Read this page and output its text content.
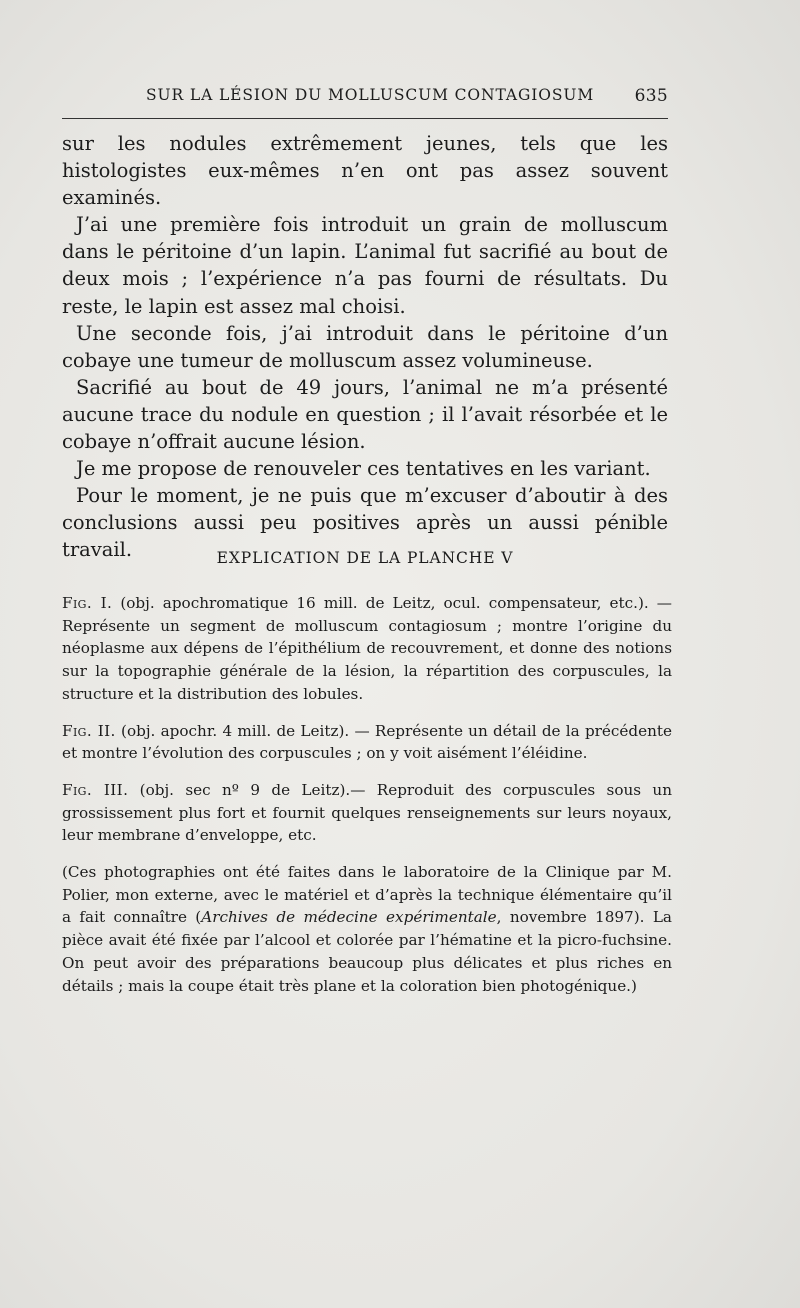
SUR LA LÉSION DU MOLLUSCUM CONTAGIOSUM 635

sur les nodules extrêmement jeunes, tels que les histologistes eux-mêmes n’en ont pas assez souvent examinés.

J’ai une première fois introduit un grain de molluscum dans le péritoine d’un lapin. L’animal fut sacrifié au bout de deux mois ; l’expérience n’a pas fourni de résultats. Du reste, le lapin est assez mal choisi.

Une seconde fois, j’ai introduit dans le péritoine d’un cobaye une tumeur de molluscum assez volumineuse.

Sacrifié au bout de 49 jours, l’animal ne m’a présenté aucune trace du nodule en question ; il l’avait résorbée et le cobaye n’offrait aucune lésion.

Je me propose de renouveler ces tentatives en les variant.

Pour le moment, je ne puis que m’excuser d’aboutir à des conclusions aussi peu positives après un aussi pénible travail.	EXPLICATION DE LA PLANCHE V

Fig. I. (obj. apochromatique 16 mill. de Leitz, ocul. compensateur, etc.). — Représente un segment de molluscum contagiosum ; montre l’origine du néoplasme aux dépens de l’épithélium de recouvrement, et donne des notions sur la topographie générale de la lésion, la répartition des corpuscules, la structure et la distribution des lobules.

Fig. II. (obj. apochr. 4 mill. de Leitz). — Représente un détail de la précédente et montre l’évolution des corpuscules ; on y voit aisément l’éléidine.

Fig. III. (obj. sec nº 9 de Leitz).— Reproduit des corpuscules sous un grossissement plus fort et fournit quelques renseignements sur leurs noyaux, leur membrane d’enveloppe, etc.

(Ces photographies ont été faites dans le laboratoire de la Clinique par M. Polier, mon externe, avec le matériel et d’après la technique élémentaire qu’il a fait connaître (Archives de médecine expérimentale, novembre 1897). La pièce avait été fixée par l’alcool et colorée par l’hématine et la picro-fuchsine. On peut avoir des préparations beaucoup plus délicates et plus riches en détails ; mais la coupe était très plane et la coloration bien photogénique.)
